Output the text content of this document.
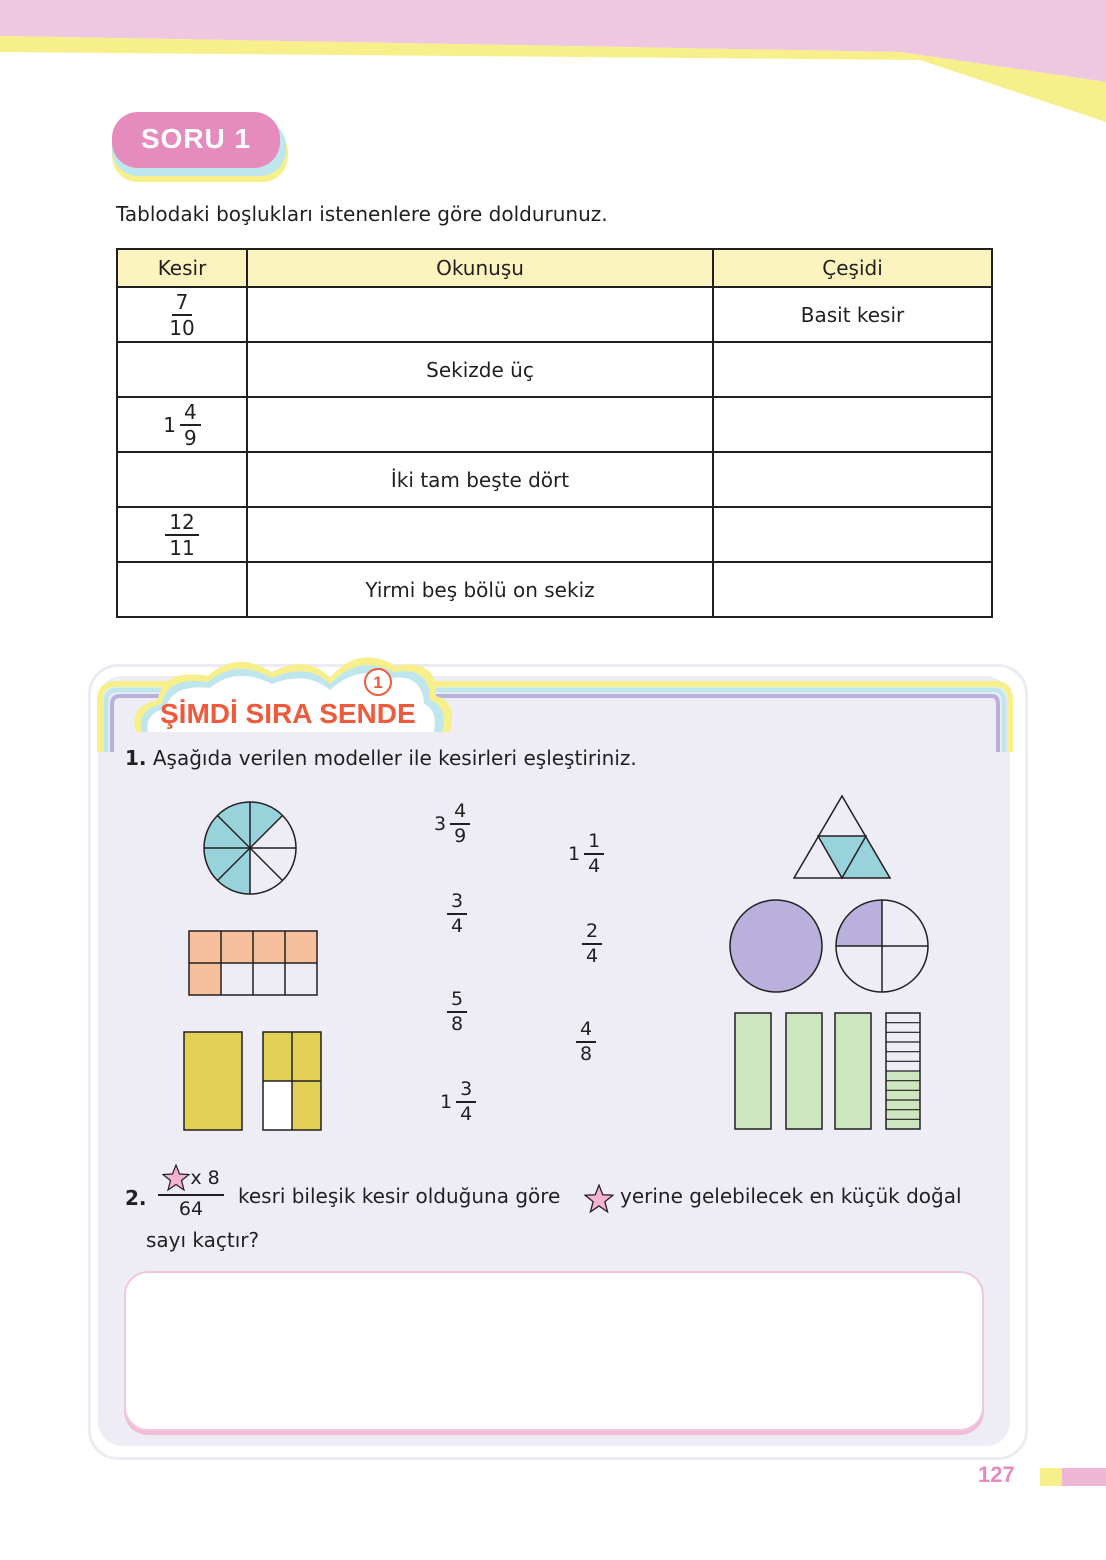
SORU 1
Tablodaki boşlukları istenenlere göre doldurunuz.
Kesir	Okunuşu	Çeşidi

$\frac{7}{10}$		Basit kesir
	Sekizde üç	

$1 \frac{4}{9}$

	İki tam beşte dört	

$\frac{12}{11}$

	Yirmi beş bölü on sekiz	
1
ŞİMDİ SIRA SENDE
1. Aşağıda verilen modeller ile kesirleri eşleştiriniz.
$3 \frac{4}{9}$
$\frac{3}{4}$
$\frac{5}{8}$
$1 \frac{3}{4}$
$1 \frac{1}{4}$
$\frac{2}{4}$
$\frac{4}{8}$
2.
x 8
64
kesri bileşik kesir olduğuna göre	yerine gelebilecek en küçük doğal
sayı kaçtır?
127
